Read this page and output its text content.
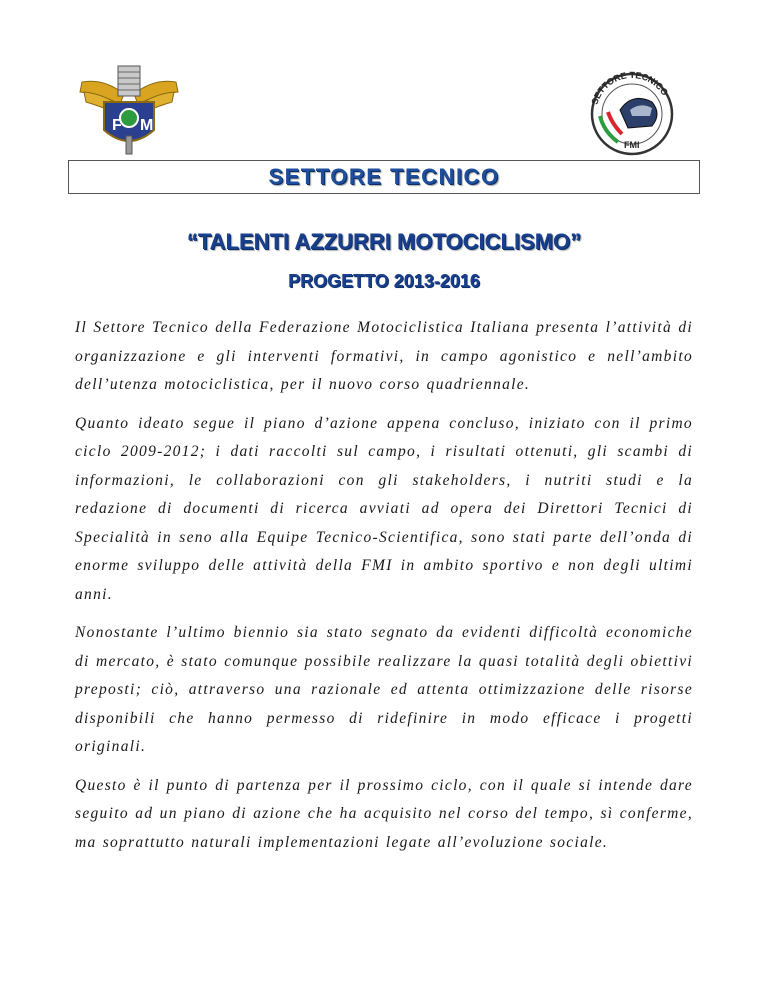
F M
SETTORE TECNICO
FMI
SETTORE TECNICO
“TALENTI AZZURRI MOTOCICLISMO”
PROGETTO 2013-2016

Il Settore Tecnico della Federazione Motociclistica Italiana presenta l’attività di organizzazione e gli interventi formativi, in campo agonistico e nell’ambito dell’utenza motociclistica, per il nuovo corso quadriennale.

Quanto ideato segue il piano d’azione appena concluso, iniziato con il primo ciclo 2009-2012; i dati raccolti sul campo, i risultati ottenuti, gli scambi di informazioni, le collaborazioni con gli stakeholders, i nutriti studi e la redazione di documenti di ricerca avviati ad opera dei Direttori Tecnici di Specialità in seno alla Equipe Tecnico-Scientifica, sono stati parte dell’onda di enorme sviluppo delle attività della FMI in ambito sportivo e non degli ultimi anni.

Nonostante l’ultimo biennio sia stato segnato da evidenti difficoltà economiche di mercato, è stato comunque possibile realizzare la quasi totalità degli obiettivi preposti; ciò, attraverso una razionale ed attenta ottimizzazione delle risorse disponibili che hanno permesso di ridefinire in modo efficace i progetti originali.

Questo è il punto di partenza per il prossimo ciclo, con il quale si intende dare seguito ad un piano di azione che ha acquisito nel corso del tempo, sì conferme, ma soprattutto naturali implementazioni legate all’evoluzione sociale.
